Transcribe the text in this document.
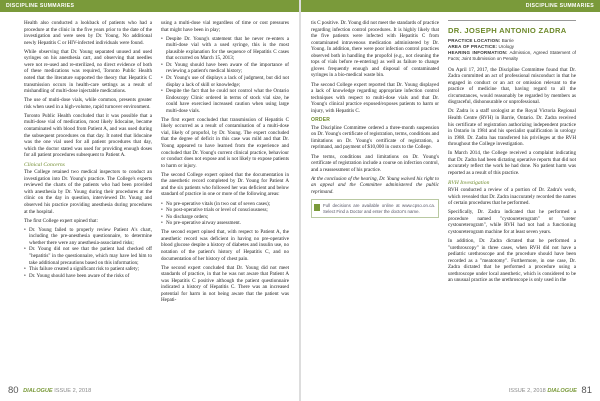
DISCIPLINE SUMMARIES

Health also conducted a lookback of patients who had a procedure at the clinic in the five years prior to the date of the investigation and were seen by Dr. Young. No additional newly Hepatitis C or HIV-infected individuals were found.

While observing that Dr. Young separated unused and used syringes on his anesthesia cart, and observing that needles were not re-used and re-sterilized, no direct evidence of both of these medications was required, Toronto Public Health noted that the literature supported the theory that Hepatitis C transmission occurs in health-care settings as a result of mishandling of multi-dose injectable medications.

The use of multi-dose vials, while common, presents greater risk when used in a high-volume, rapid turnover environment.

Toronto Public Health concluded that it was possible that a multi-dose vial of medication, most likely lidocaine, became contaminated with blood from Patient A, and was used during the subsequent procedures on that day. It noted that lidocaine was the one vial used for all patient procedures that day, which the doctor stated was used for providing enough doses for all patient procedures subsequent to Patient A.

Clinical Concerns

The College retained two medical inspectors to conduct an investigation into Dr. Young's practice. The College's experts reviewed the charts of the patients who had been provided with anesthesia by Dr. Young during their procedures at the clinic on the day in question, interviewed Dr. Young and observed his practice providing anesthesia during procedures at the hospital.

The first College expert opined that:

• Dr. Young failed to properly review Patient A's chart, including the pre-anesthesia questionnaire, to determine whether there were any anesthesia-associated risks;
• Dr. Young did not see that the patient had checked off "hepatitis" in the questionnaire, which may have led him to take additional precautions based on this information;
• This failure created a significant risk to patient safety;
• Dr. Young should have been aware of the risks of

using a multi-dose vial regardless of time or cost pressures that might have been in play;

• Despite Dr. Young's statement that he never re-enters a multi-dose vial with a used syringe, this is the most plausible explanation for the sequence of Hepatitis C cases that occurred on March 15, 2013;
• Dr. Young should have been aware of the importance of reviewing a patient's medical history;
• Dr. Young's use of displays a lack of judgment, but did not display a lack of skill or knowledge;
• Despite the fact that he could not control what the Ontario Endoscopy Clinic ordered in terms of stock vial size, he could have exercised increased caution when using large multi-dose vials.

The first expert concluded that transmission of Hepatitis C likely occurred as a result of contamination of a multi-dose vial, likely of propofol, by Dr. Young. The expert concluded that the degree of deficit in this case was mild and that Dr. Young appeared to have learned from the experience and concluded that Dr. Young's current clinical practice, behaviour or conduct does not expose and is not likely to expose patients to harm or injury.

The second College expert opined that the documentation in the anesthetic record completed by Dr. Young for Patient A and the six patients who followed her was deficient and below standard of practice in one or more of the following areas:

• No pre-operative vitals (in two out of seven cases);
• No post-operative trials or level of consciousness;
• No discharge orders;
• No pre-operative airway assessment.

The second expert opined that, with respect to Patient A, the anesthetic record was deficient in having no pre-operative blood glucose despite a history of diabetes and insulin use, no notation of the patient's history of Hepatitis C, and no documentation of her history of chest pain.

The second expert concluded that Dr. Young did not meet standards of practice, in that he was not aware that Patient A was Hepatitis C positive although the patient questionnaire indicated a history of Hepatitis C. There was an increased potential for harm in not being aware that the patient was Hepati-

80 DIALOGUE ISSUE 2, 2018
DISCIPLINE SUMMARIES

tis C positive. Dr. Young did not meet the standards of practice regarding infection control procedures. It is highly likely that the five patients were infected with Hepatitis C from contaminated intravenous medication administered by Dr. Young. In addition, there were poor infection control practices observed both in handling the propofol (e.g., not cleaning the tops of vials before re-entering) as well as failure to change gloves frequently enough and disposal of contaminated syringes in a bio-medical waste bin.

The second College expert reported that Dr. Young displayed a lack of knowledge regarding appropriate infection control techniques with respect to multi-dose vials and that Dr. Young's clinical practice exposed/exposes patients to harm or injury, with Hepatitis C.

ORDER

The Discipline Committee ordered a three-month suspension on Dr. Young's certificate of registration, terms, conditions and limitations on Dr. Young's certificate of registration, a reprimand, and payment of $10,000 in costs to the College.

The terms, conditions and limitations on Dr. Young's certificate of registration include a course on infection control, and a reassessment of his practice.

At the conclusion of the hearing, Dr. Young waived his right to an appeal and the Committee administered the public reprimand.

Full decisions are available online at www.cpso.on.ca. Select Find a Doctor and enter the doctor's name.
DR. JOSEPH ANTONIO ZADRA
PRACTICE LOCATION: Barrie
AREA OF PRACTICE: Urology
HEARING INFORMATION: Admission, Agreed Statement of Facts; Joint Submission on Penalty

On April 17, 2017, the Discipline Committee found that Dr. Zadra committed an act of professional misconduct in that he engaged in conduct or an act or omission relevant to the practice of medicine that, having regard to all the circumstances, would reasonably be regarded by members as disgraceful, dishonourable or unprofessional.

Dr. Zadra is a staff urologist at the Royal Victoria Regional Health Centre (RVH) in Barrie, Ontario. Dr. Zadra received his certificate of registration authorizing independent practice in Ontario in 1984 and his specialist qualification in urology in 1988. Dr. Zadra has transferred his privileges at the RVH throughout the College investigation.

In March 2014, the College received a complaint indicating that Dr. Zadra had been dictating operative reports that did not accurately reflect the work he had done. No patient harm was reported as a result of this practice.

RVH Investigation

RVH conducted a review of a portion of Dr. Zadra's work, which revealed that Dr. Zadra inaccurately recorded the names of certain procedures that he performed.

Specifically, Dr. Zadra indicated that he performed a procedure named "cystoureterogram" or "ureter cystoureterogram", while RVH had not had a functioning cystoureterogram machine for at least seven years.

In addition, Dr. Zadra dictated that he performed a "urethroscopy" in three cases, when RVH did not have a pediatric urethroscope and the procedure should have been recorded as a "meatotomy". Furthermore, in one case, Dr. Zadra dictated that he performed a procedure using a urethroscope under local anesthetic, which is considered to be an unusual practice as the urethroscope is only used in the

ISSUE 2, 2018 DIALOGUE 81
